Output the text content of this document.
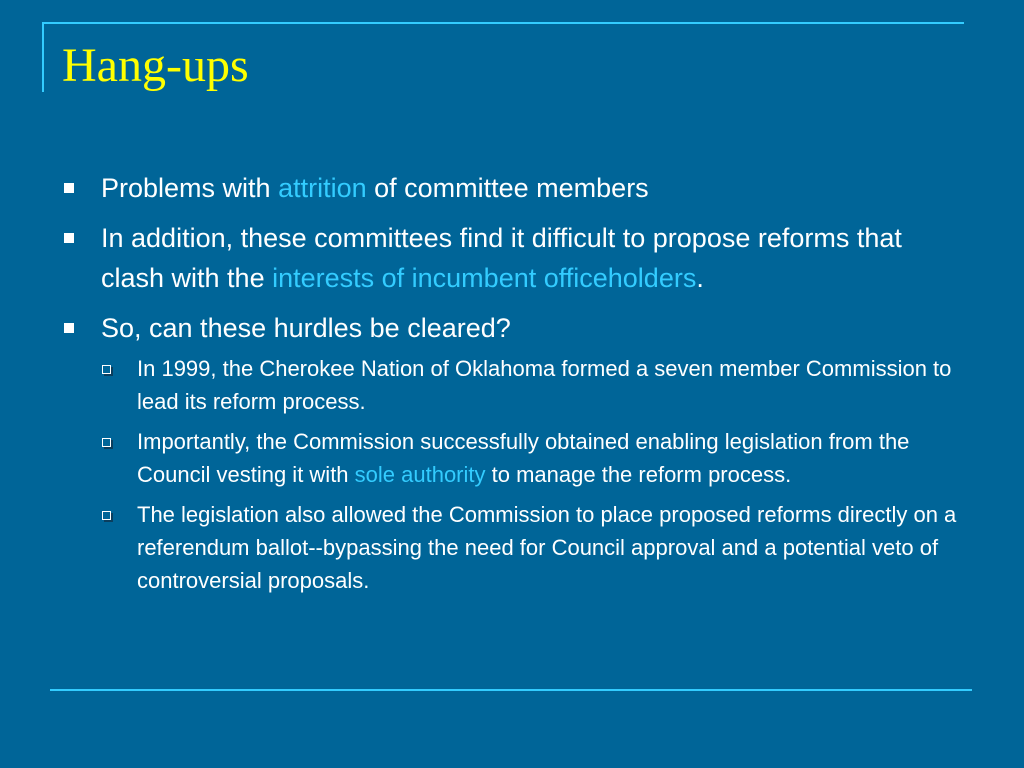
Hang-ups
Problems with attrition of committee members
In addition, these committees find it difficult to propose reforms that clash with the interests of incumbent officeholders.
So, can these hurdles be cleared?
In 1999, the Cherokee Nation of Oklahoma formed a seven member Commission to lead its reform process.
Importantly, the Commission successfully obtained enabling legislation from the Council vesting it with sole authority to manage the reform process.
The legislation also allowed the Commission to place proposed reforms directly on a referendum ballot--bypassing the need for Council approval and a potential veto of controversial proposals.
